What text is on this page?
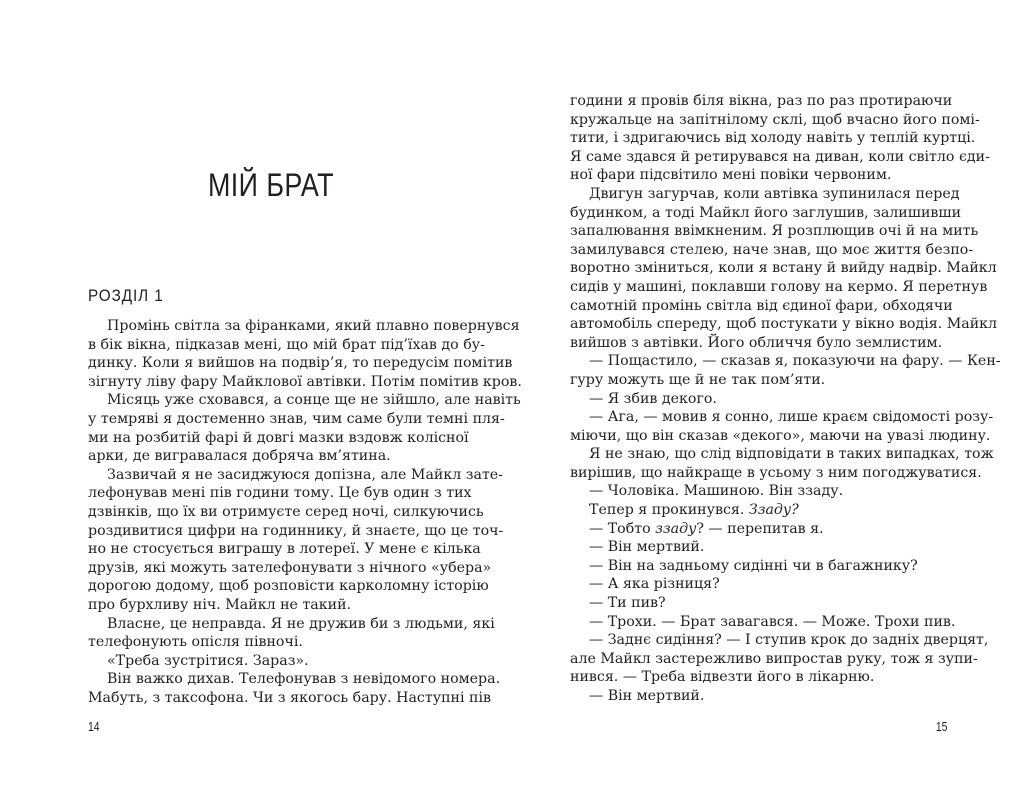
МІЙ БРАТ
РОЗДІЛ 1
Промінь світла за фіранками, який плавно повернувся
в бік вікна, підказав мені, що мій брат під’їхав до бу-
динку. Коли я вийшов на подвір’я, то передусім помітив
зігнуту ліву фару Майклової автівки. Потім помітив кров.
Місяць уже сховався, а сонце ще не зійшло, але навіть
у темряві я достеменно знав, чим саме були темні пля-
ми на розбитій фарі й довгі мазки вздовж колісної
арки, де вигравалася добряча вм’ятина.
Зазвичай я не засиджуюся допізна, але Майкл зате-
лефонував мені пів години тому. Це був один з тих
дзвінків, що їх ви отримуєте серед ночі, силкуючись
роздивитися цифри на годиннику, й знаєте, що це точ-
но не стосується виграшу в лотереї. У мене є кілька
друзів, які можуть зателефонувати з нічного «убера»
дорогою додому, щоб розповісти карколомну історію
про бурхливу ніч. Майкл не такий.
Власне, це неправда. Я не дружив би з людьми, які
телефонують опісля півночі.
«Треба зустрітися. Зараз».
Він важко дихав. Телефонував з невідомого номера.
Мабуть, з таксофона. Чи з якогось бару. Наступні пів
14
години я провів біля вікна, раз по раз протираючи
кружальце на запітнілому склі, щоб вчасно його помі-
тити, і здригаючись від холоду навіть у теплій куртці.
Я саме здався й ретирувався на диван, коли світло єди-
ної фари підсвітило мені повіки червоним.
Двигун загурчав, коли автівка зупинилася перед
будинком, а тоді Майкл його заглушив, залишивши
запалювання ввімкненим. Я розплющив очі й на мить
замилувався стелею, наче знав, що моє життя безпо-
воротно зміниться, коли я встану й вийду надвір. Майкл
сидів у машині, поклавши голову на кермо. Я перетнув
самотній промінь світла від єдиної фари, обходячи
автомобіль спереду, щоб постукати у вікно водія. Майкл
вийшов з автівки. Його обличчя було землистим.
— Пощастило, — сказав я, показуючи на фару. — Кен-
гуру можуть ще й не так пом’яти.
— Я збив декого.
— Ага, — мовив я сонно, лише краєм свідомості розу-
міючи, що він сказав «декого», маючи на увазі людину.
Я не знаю, що слід відповідати в таких випадках, тож
вирішив, що найкраще в усьому з ним погоджуватися.
— Чоловіка. Машиною. Він ззаду.
Тепер я прокинувся. Ззаду?
— Тобто ззаду? — перепитав я.
— Він мертвий.
— Він на задньому сидінні чи в багажнику?
— А яка різниця?
— Ти пив?
— Трохи. — Брат завагався. — Може. Трохи пив.
— Заднє сидіння? — І ступив крок до задніх дверцят,
але Майкл застережливо випростав руку, тож я зупи-
нився. — Треба відвезти його в лікарню.
— Він мертвий.
15
